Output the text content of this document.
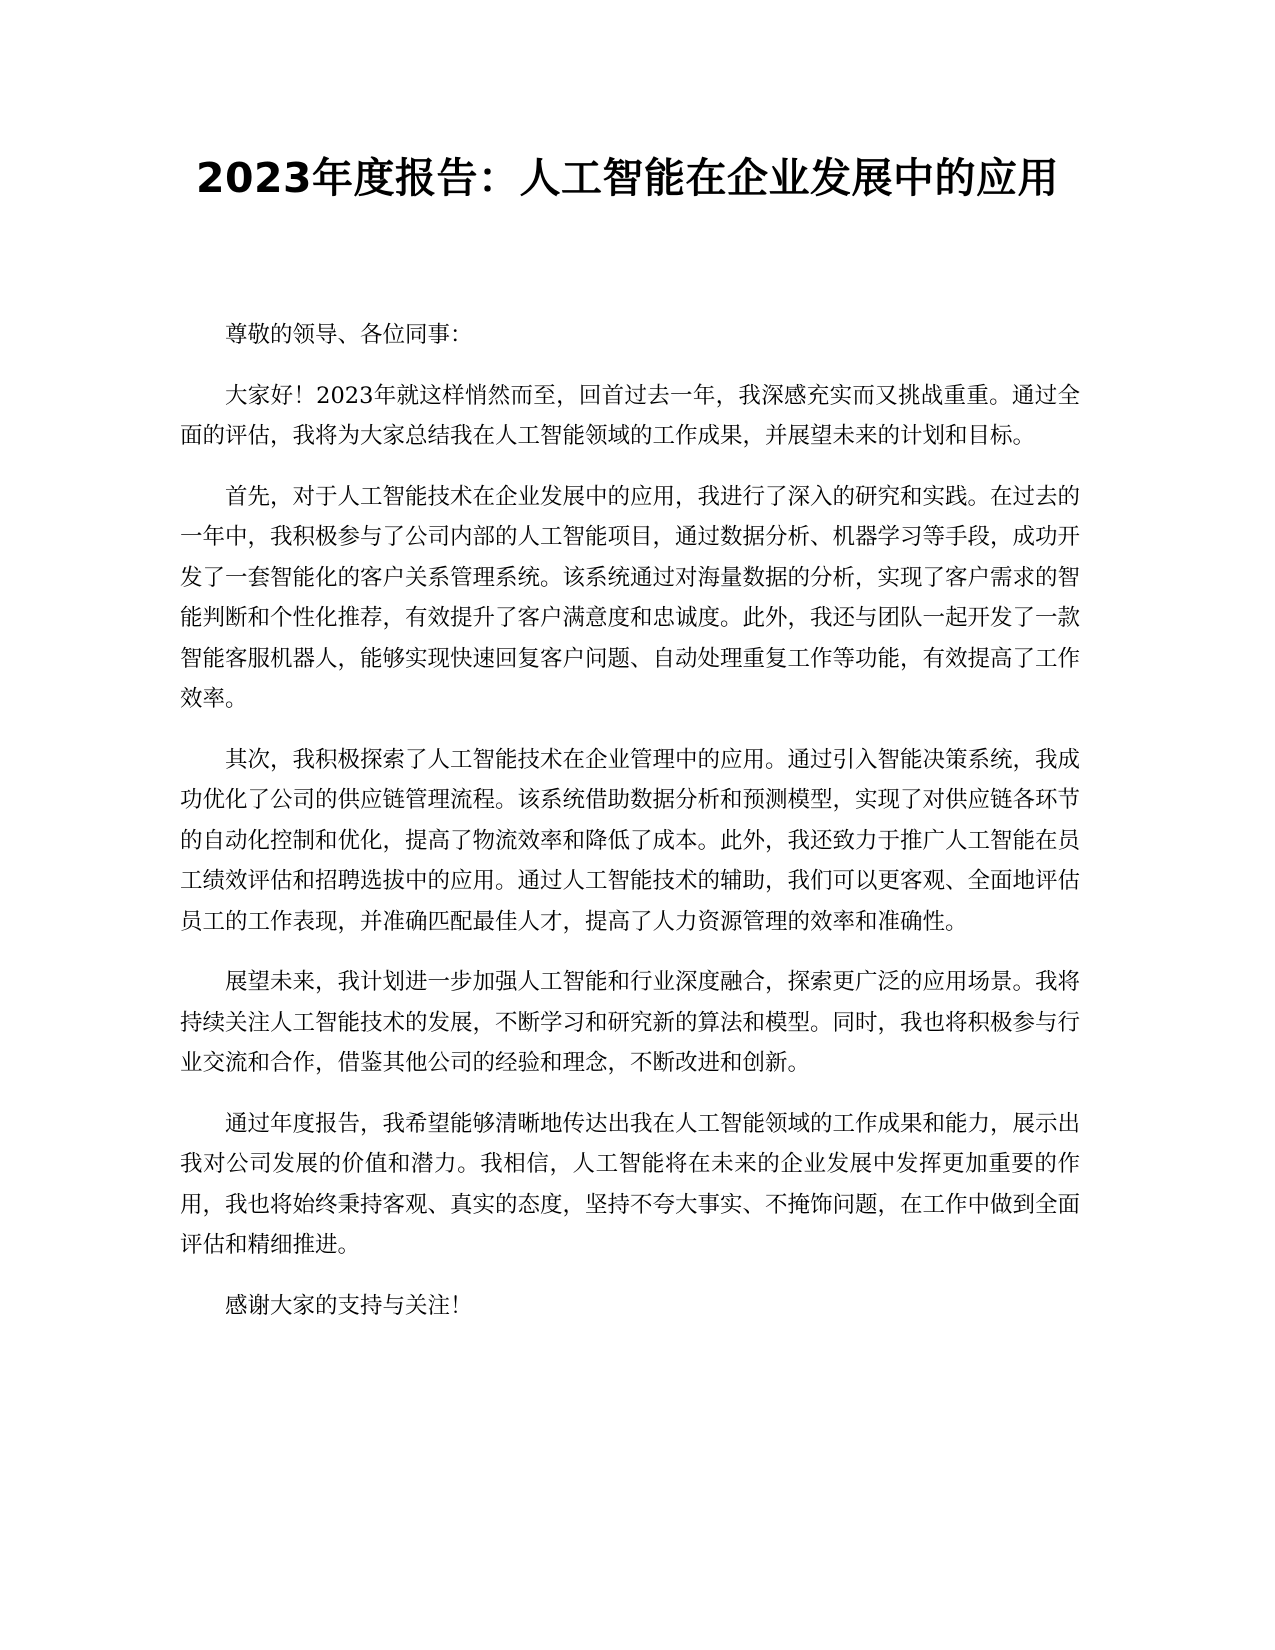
2023年度报告：人工智能在企业发展中的应用

尊敬的领导、各位同事：

大家好！2023年就这样悄然而至，回首过去一年，我深感充实而又挑战重重。通过全面的评估，我将为大家总结我在人工智能领域的工作成果，并展望未来的计划和目标。

首先，对于人工智能技术在企业发展中的应用，我进行了深入的研究和实践。在过去的一年中，我积极参与了公司内部的人工智能项目，通过数据分析、机器学习等手段，成功开发了一套智能化的客户关系管理系统。该系统通过对海量数据的分析，实现了客户需求的智能判断和个性化推荐，有效提升了客户满意度和忠诚度。此外，我还与团队一起开发了一款智能客服机器人，能够实现快速回复客户问题、自动处理重复工作等功能，有效提高了工作效率。

其次，我积极探索了人工智能技术在企业管理中的应用。通过引入智能决策系统，我成功优化了公司的供应链管理流程。该系统借助数据分析和预测模型，实现了对供应链各环节的自动化控制和优化，提高了物流效率和降低了成本。此外，我还致力于推广人工智能在员工绩效评估和招聘选拔中的应用。通过人工智能技术的辅助，我们可以更客观、全面地评估员工的工作表现，并准确匹配最佳人才，提高了人力资源管理的效率和准确性。

展望未来，我计划进一步加强人工智能和行业深度融合，探索更广泛的应用场景。我将持续关注人工智能技术的发展，不断学习和研究新的算法和模型。同时，我也将积极参与行业交流和合作，借鉴其他公司的经验和理念，不断改进和创新。

通过年度报告，我希望能够清晰地传达出我在人工智能领域的工作成果和能力，展示出我对公司发展的价值和潜力。我相信，人工智能将在未来的企业发展中发挥更加重要的作用，我也将始终秉持客观、真实的态度，坚持不夸大事实、不掩饰问题，在工作中做到全面评估和精细推进。

感谢大家的支持与关注！
